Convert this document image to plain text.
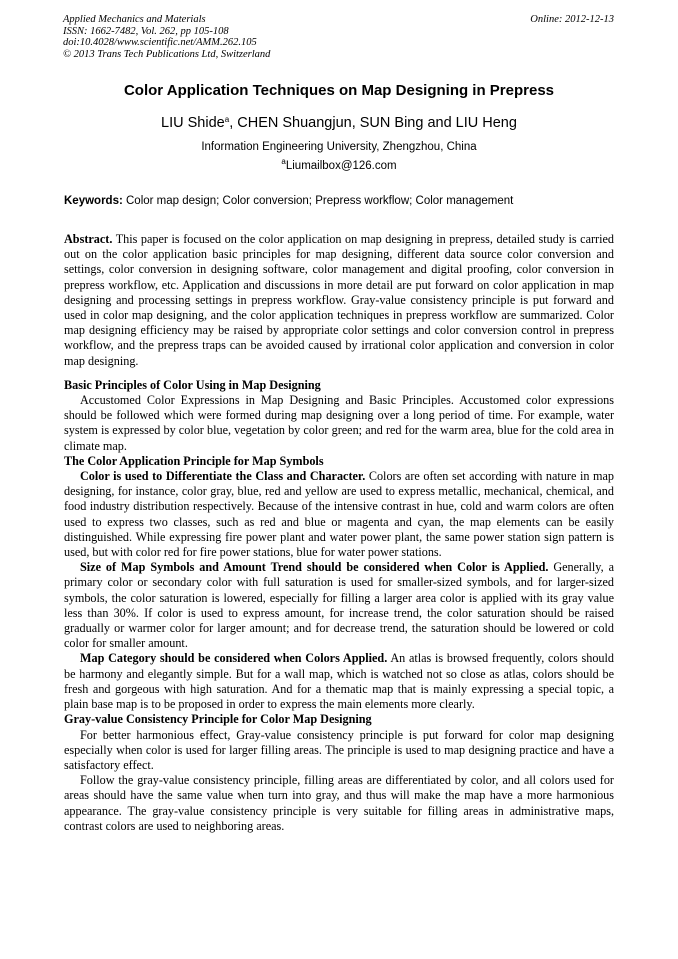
Applied Mechanics and Materials
ISSN: 1662-7482, Vol. 262, pp 105-108
doi:10.4028/www.scientific.net/AMM.262.105
© 2013 Trans Tech Publications Ltd, Switzerland
Online: 2012-12-13
Color Application Techniques on Map Designing in Prepress
LIU Shide$^a$, CHEN Shuangjun, SUN Bing and LIU Heng
Information Engineering University, Zhengzhou, China
$^a$Liumailbox@126.com
Keywords: Color map design; Color conversion; Prepress workflow; Color management

Abstract. This paper is focused on the color application on map designing in prepress, detailed study is carried out on the color application basic principles for map designing, different data source color conversion and settings, color conversion in designing software, color management and digital proofing, color conversion in prepress workflow, etc. Application and discussions in more detail are put forward on color application in map designing and processing settings in prepress workflow. Gray-value consistency principle is put forward and used in color map designing, and the color application techniques in prepress workflow are summarized. Color map designing efficiency may be raised by appropriate color settings and color conversion control in prepress workflow, and the prepress traps can be avoided caused by irrational color application and conversion in color map designing.

Basic Principles of Color Using in Map Designing

Accustomed Color Expressions in Map Designing and Basic Principles. Accustomed color expressions should be followed which were formed during map designing over a long period of time. For example, water system is expressed by color blue, vegetation by color green; and red for the warm area, blue for the cold area in climate map.

The Color Application Principle for Map Symbols

Color is used to Differentiate the Class and Character. Colors are often set according with nature in map designing, for instance, color gray, blue, red and yellow are used to express metallic, mechanical, chemical, and food industry distribution respectively. Because of the intensive contrast in hue, cold and warm colors are often used to express two classes, such as red and blue or magenta and cyan, the map elements can be easily distinguished. While expressing fire power plant and water power plant, the same power station sign pattern is used, but with color red for fire power stations, blue for water power stations.

Size of Map Symbols and Amount Trend should be considered when Color is Applied. Generally, a primary color or secondary color with full saturation is used for smaller-sized symbols, and for larger-sized symbols, the color saturation is lowered, especially for filling a larger area color is applied with its gray value less than 30%. If color is used to express amount, for increase trend, the color saturation should be raised gradually or warmer color for larger amount; and for decrease trend, the saturation should be lowered or cold color for smaller amount.

Map Category should be considered when Colors Applied. An atlas is browsed frequently, colors should be harmony and elegantly simple. But for a wall map, which is watched not so close as atlas, colors should be fresh and gorgeous with high saturation. And for a thematic map that is mainly expressing a special topic, a plain base map is to be proposed in order to express the main elements more clearly.

Gray-value Consistency Principle for Color Map Designing

For better harmonious effect, Gray-value consistency principle is put forward for color map designing especially when color is used for larger filling areas. The principle is used to map designing practice and have a satisfactory effect.

Follow the gray-value consistency principle, filling areas are differentiated by color, and all colors used for areas should have the same value when turn into gray, and thus will make the map have a more harmonious appearance. The gray-value consistency principle is very suitable for filling areas in administrative maps, contrast colors are used to neighboring areas.
